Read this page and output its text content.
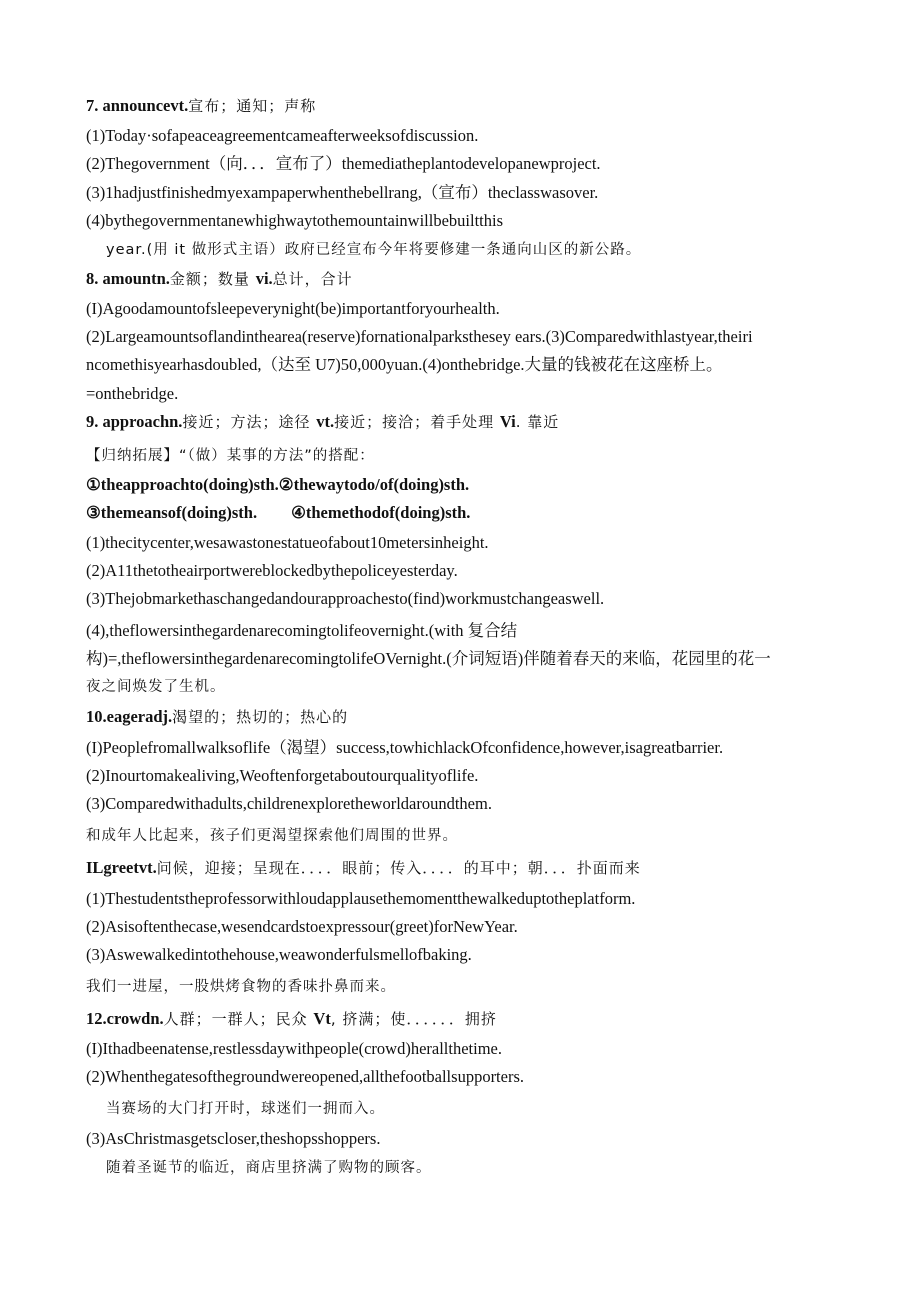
7. announcevt.宣布；通知；声称
(1)Today·sofapeaceagreementcameafterweeksofdiscussion.
(2)Thegovernment（向．．．宣布了）themediatheplantodevelopanewproject.
(3)1hadjustfinishedmyexampaperwhenthebellrang,（宣布）theclasswasover.
(4)bythegovernmentanewhighwaytothemountainwillbebuiltthis
year.(用 it 做形式主语）政府已经宣布今年将要修建一条通向山区的新公路。
8. amountn.金额；数量 vi.总计，合计
(I)Agoodamountofsleepeverynight(be)importantforyourhealth.
(2)Largeamountsoflandinthearea(reserve)fornationalparksthesey ears.(3)Comparedwithlastyear,theiri
ncomethisyearhasdoubled,（达至 U7)50,000yuan.(4)onthebridge.大量的钱被花在这座桥上。
=onthebridge.
9. approachn.接近；方法；途径 vt.接近；接洽；着手处理 Vi. 靠近
【归纳拓展】“（做）某事的方法”的搭配：
①theapproachto(doing)sth.②thewaytodo/of(doing)sth.
③themeansof(doing)sth. ④themethodof(doing)sth.
(1)thecitycenter,wesawastonestatueofabout10metersinheight.
(2)A11thetotheairportwereblockedbythepoliceyesterday.
(3)Thejobmarkethaschangedandourapproachesto(find)workmustchangeaswell.
(4),theflowersinthegardenarecomingtolifeovernight.(with 复合结
构)=,theflowersinthegardenarecomingtolifeOVernight.(介词短语)伴随着春天的来临，花园里的花一
夜之间焕发了生机。
10.eageradj.渴望的；热切的；热心的
(I)Peoplefromallwalksoflife（渴望）success,towhichlackOfconfidence,however,isagreatbarrier.
(2)Inourtomakealiving,Weoftenforgetaboutourqualityoflife.
(3)Comparedwithadults,childrenexploretheworldaroundthem.
和成年人比起来，孩子们更渴望探索他们周围的世界。
ILgreetvt.问候，迎接；呈现在．．．．眼前；传入．．．．的耳中；朝．．．扑面而来
(1)Thestudentstheprofessorwithloudapplausethemomentthewalkeduptotheplatform.
(2)Asisoftenthecase,wesendcardstoexpressour(greet)forNewYear.
(3)Aswewalkedintothehouse,weawonderfulsmellofbaking.
我们一进屋，一股烘烤食物的香味扑鼻而来。
12.crowdn.人群；一群人；民众 Vt, 挤满；使．．．．．．拥挤
(I)Ithadbeenatense,restlessdaywithpeople(crowd)herallthetime.
(2)Whenthegatesofthegroundwereopened,allthefootballsupporters.
当赛场的大门打开时，球迷们一拥而入。
(3)AsChristmasgetscloser,theshopsshoppers.
随着圣诞节的临近，商店里挤满了购物的顾客。
